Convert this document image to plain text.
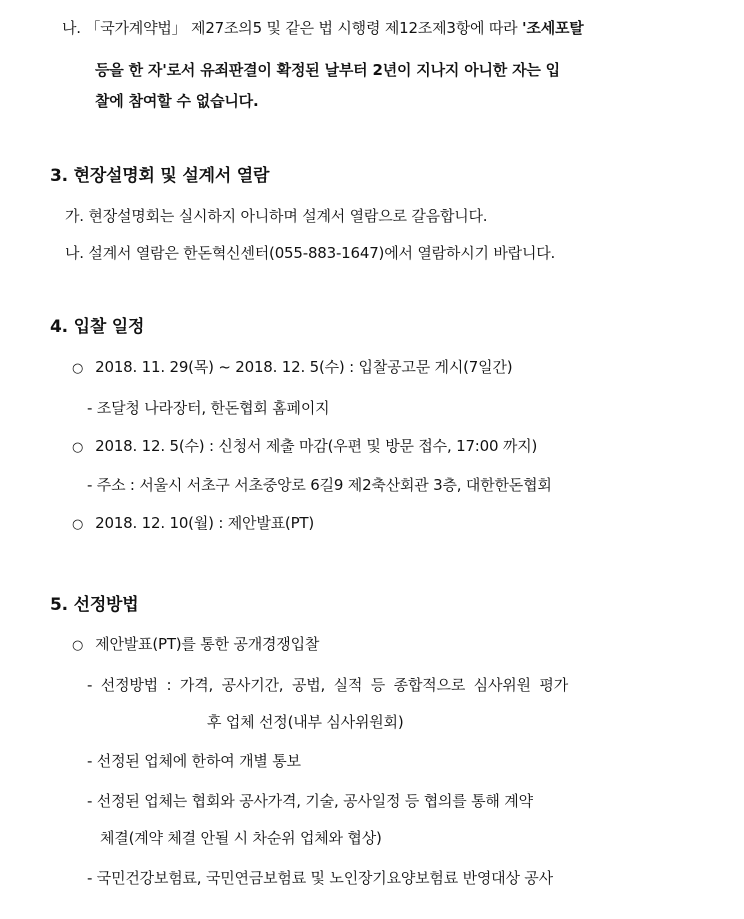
나. 「국가계약법」 제27조의5 및 같은 법 시행령 제12조제3항에 따라 '조세포탈
등을 한 자'로서 유죄판결이 확정된 날부터 2년이 지나지 아니한 자는 입
찰에 참여할 수 없습니다.
3. 현장설명회 및 설계서 열람
가. 현장설명회는 실시하지 아니하며 설계서 열람으로 갈음합니다.
나. 설계서 열람은 한돈혁신센터(055-883-1647)에서 열람하시기 바랍니다.
4. 입찰 일정
○ 2018. 11. 29(목) ~ 2018. 12. 5(수) : 입찰공고문 게시(7일간)
- 조달청 나라장터, 한돈협회 홈페이지
○ 2018. 12. 5(수) : 신청서 제출 마감(우편 및 방문 접수, 17:00 까지)
- 주소 : 서울시 서초구 서초중앙로 6길9 제2축산회관 3층, 대한한돈협회
○ 2018. 12. 10(월) : 제안발표(PT)
5. 선정방법
○ 제안발표(PT)를 통한 공개경쟁입찰
- 선정방법 : 가격, 공사기간, 공법, 실적 등 종합적으로 심사위원 평가
후 업체 선정(내부 심사위원회)
- 선정된 업체에 한하여 개별 통보
- 선정된 업체는 협회와 공사가격, 기술, 공사일정 등 협의를 통해 계약
체결(계약 체결 안될 시 차순위 업체와 협상)
- 국민건강보험료, 국민연금보험료 및 노인장기요양보험료 반영대상 공사
